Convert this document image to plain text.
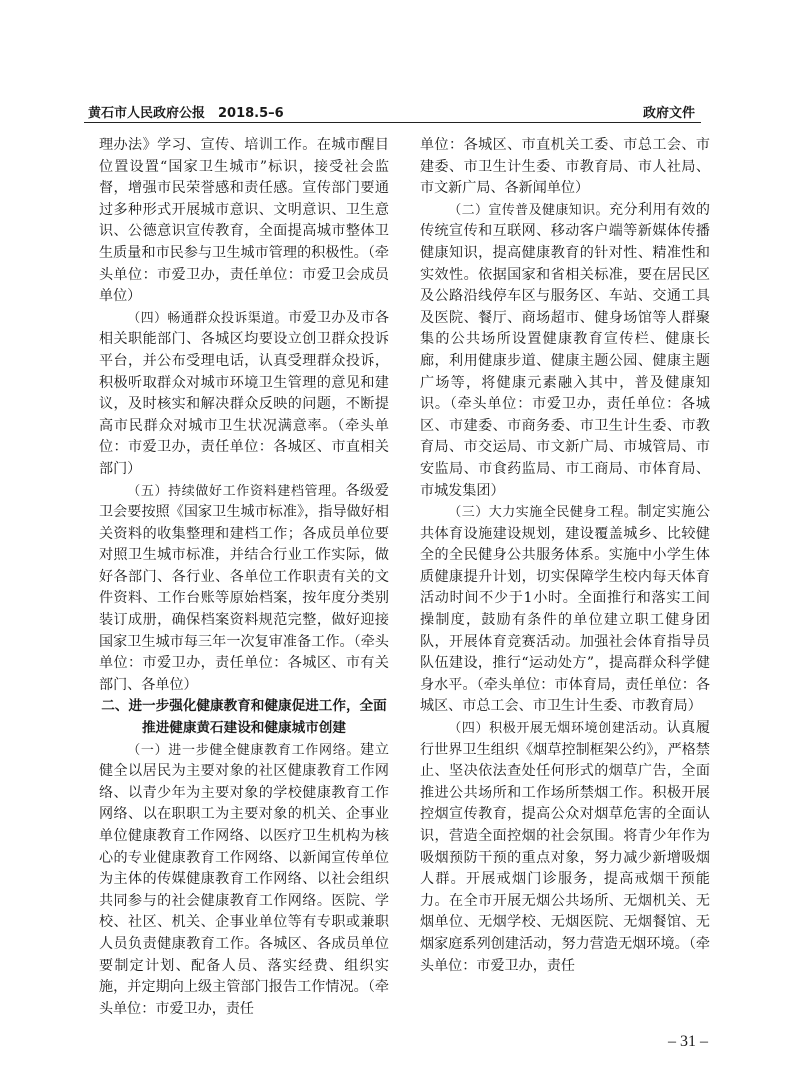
黄石市人民政府公报　2018.5–6	政府文件

理办法》学习、宣传、培训工作。在城市醒目位置设置“国家卫生城市”标识，接受社会监督，增强市民荣誉感和责任感。宣传部门要通过多种形式开展城市意识、文明意识、卫生意识、公德意识宣传教育，全面提高城市整体卫生质量和市民参与卫生城市管理的积极性。（牵头单位：市爱卫办，责任单位：市爱卫会成员单位）

（四）畅通群众投诉渠道。市爱卫办及市各相关职能部门、各城区均要设立创卫群众投诉平台，并公布受理电话，认真受理群众投诉，积极听取群众对城市环境卫生管理的意见和建议，及时核实和解决群众反映的问题，不断提高市民群众对城市卫生状况满意率。（牵头单位：市爱卫办，责任单位：各城区、市直相关部门）

（五）持续做好工作资料建档管理。各级爱卫会要按照《国家卫生城市标准》，指导做好相关资料的收集整理和建档工作；各成员单位要对照卫生城市标准，并结合行业工作实际，做好各部门、各行业、各单位工作职责有关的文件资料、工作台账等原始档案，按年度分类别装订成册，确保档案资料规范完整，做好迎接国家卫生城市每三年一次复审准备工作。（牵头单位：市爱卫办，责任单位：各城区、市有关部门、各单位）

二、进一步强化健康教育和健康促进工作，全面推进健康黄石建设和健康城市创建

（一）进一步健全健康教育工作网络。建立健全以居民为主要对象的社区健康教育工作网络、以青少年为主要对象的学校健康教育工作网络、以在职职工为主要对象的机关、企事业单位健康教育工作网络、以医疗卫生机构为核心的专业健康教育工作网络、以新闻宣传单位为主体的传媒健康教育工作网络、以社会组织共同参与的社会健康教育工作网络。医院、学校、社区、机关、企事业单位等有专职或兼职人员负责健康教育工作。各城区、各成员单位要制定计划、配备人员、落实经费、组织实施，并定期向上级主管部门报告工作情况。（牵头单位：市爱卫办，责任

单位：各城区、市直机关工委、市总工会、市建委、市卫生计生委、市教育局、市人社局、市文新广局、各新闻单位）

（二）宣传普及健康知识。充分利用有效的传统宣传和互联网、移动客户端等新媒体传播健康知识，提高健康教育的针对性、精准性和实效性。依据国家和省相关标准，要在居民区及公路沿线停车区与服务区、车站、交通工具及医院、餐厅、商场超市、健身场馆等人群聚集的公共场所设置健康教育宣传栏、健康长廊，利用健康步道、健康主题公园、健康主题广场等，将健康元素融入其中，普及健康知识。（牵头单位：市爱卫办，责任单位：各城区、市建委、市商务委、市卫生计生委、市教育局、市交运局、市文新广局、市城管局、市安监局、市食药监局、市工商局、市体育局、市城发集团）

（三）大力实施全民健身工程。制定实施公共体育设施建设规划，建设覆盖城乡、比较健全的全民健身公共服务体系。实施中小学生体质健康提升计划，切实保障学生校内每天体育活动时间不少于1小时。全面推行和落实工间操制度，鼓励有条件的单位建立职工健身团队，开展体育竞赛活动。加强社会体育指导员队伍建设，推行“运动处方”，提高群众科学健身水平。（牵头单位：市体育局，责任单位：各城区、市总工会、市卫生计生委、市教育局）

（四）积极开展无烟环境创建活动。认真履行世界卫生组织《烟草控制框架公约》，严格禁止、坚决依法查处任何形式的烟草广告，全面推进公共场所和工作场所禁烟工作。积极开展控烟宣传教育，提高公众对烟草危害的全面认识，营造全面控烟的社会氛围。将青少年作为吸烟预防干预的重点对象，努力减少新增吸烟人群。开展戒烟门诊服务，提高戒烟干预能力。在全市开展无烟公共场所、无烟机关、无烟单位、无烟学校、无烟医院、无烟餐馆、无烟家庭系列创建活动，努力营造无烟环境。（牵头单位：市爱卫办，责任

– 31 –
